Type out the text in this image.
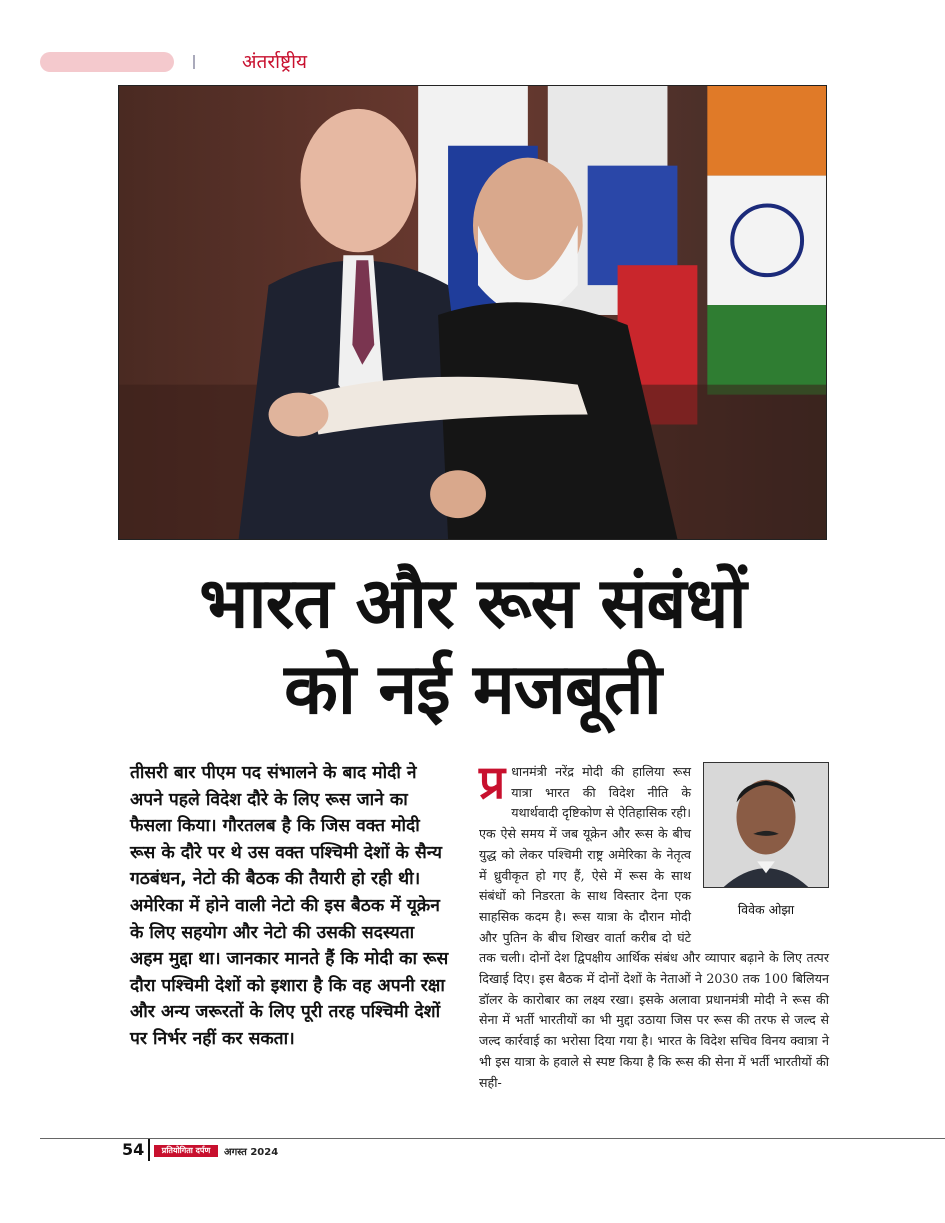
अंतर्राष्ट्रीय
भारत और रूस संबंधों
को नई मजबूती
तीसरी बार पीएम पद संभालने के बाद मोदी ने अपने पहले विदेश दौरे के लिए रूस जाने का फैसला किया। गौरतलब है कि जिस वक्त मोदी रूस के दौरे पर थे उस वक्त पश्चिमी देशों के सैन्य गठबंधन, नेटो की बैठक की तैयारी हो रही थी। अमेरिका में होने वाली नेटो की इस बैठक में यूक्रेन के लिए सहयोग और नेटो की उसकी सदस्यता अहम मुद्दा था। जानकार मानते हैं कि मोदी का रूस दौरा पश्चिमी देशों को इशारा है कि वह अपनी रक्षा और अन्य जरूरतों के लिए पूरी तरह पश्चिमी देशों पर निर्भर नहीं कर सकता।
विवेक ओझा
प्र धानमंत्री नरेंद्र मोदी की हालिया रूस यात्रा भारत की विदेश नीति के यथार्थवादी दृष्टिकोण से ऐतिहासिक रही। एक ऐसे समय में जब यूक्रेन और रूस के बीच युद्ध को लेकर पश्चिमी राष्ट्र अमेरिका के नेतृत्व में ध्रुवीकृत हो गए हैं, ऐसे में रूस के साथ संबंधों को निडरता के साथ विस्तार देना एक साहसिक कदम है। रूस यात्रा के दौरान मोदी और पुतिन के बीच शिखर वार्ता करीब दो घंटे तक चली। दोनों देश द्विपक्षीय आर्थिक संबंध और व्यापार बढ़ाने के लिए तत्पर दिखाई दिए। इस बैठक में दोनों देशों के नेताओं ने 2030 तक 100 बिलियन डॉलर के कारोबार का लक्ष्य रखा। इसके अलावा प्रधानमंत्री मोदी ने रूस की सेना में भर्ती भारतीयों का भी मुद्दा उठाया जिस पर रूस की तरफ से जल्द से जल्द कार्रवाई का भरोसा दिया गया है। भारत के विदेश सचिव विनय क्वात्रा ने भी इस यात्रा के हवाले से स्पष्ट किया है कि रूस की सेना में भर्ती भारतीयों की सही-
54	प्रतियोगिता दर्पण	अगस्त 2024
